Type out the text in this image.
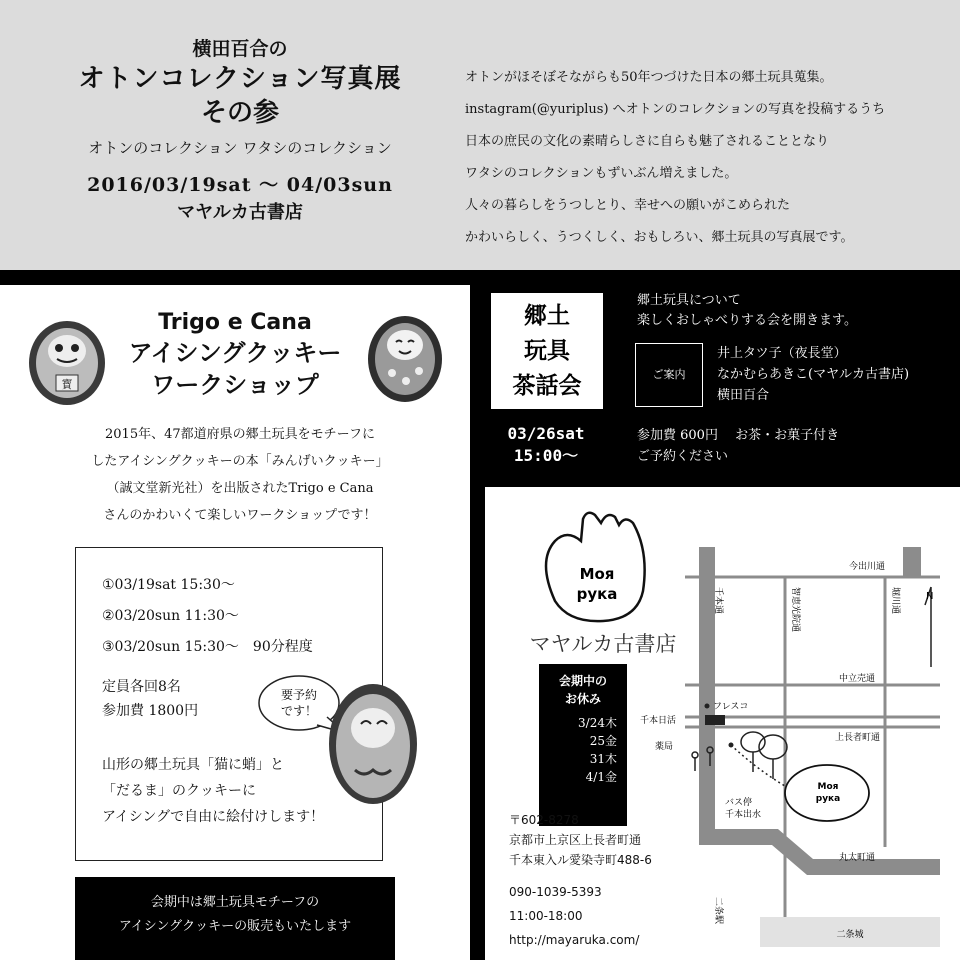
横田百合の
オトンコレクション写真展
その参
オトンのコレクション ワタシのコレクション
2016/03/19sat 〜 04/03sun
マヤルカ古書店
オトンがほそぼそながらも50年つづけた日本の郷土玩具蒐集。
instagram(@yuriplus) へオトンのコレクションの写真を投稿するうち
日本の庶民の文化の素晴らしさに自らも魅了されることとなり
ワタシのコレクションもずいぶん増えました。
人々の暮らしをうつしとり、幸せへの願いがこめられた
かわいらしく、うつくしく、おもしろい、郷土玩具の写真展です。
寳
Trigo e Cana
アイシングクッキー
ワークショップ
2015年、47都道府県の郷土玩具をモチーフに
したアイシングクッキーの本「みんげいクッキー」
（誠文堂新光社）を出版されたTrigo e Cana
さんのかわいくて楽しいワークショップです！
①03/19sat 15:30〜
②03/20sun 11:30〜
③03/20sun 15:30〜　90分程度
定員各回8名
参加費 1800円
山形の郷土玩具「猫に蛸」と
「だるま」のクッキーに
アイシングで自由に絵付けします！
要予約
です！
会期中は郷土玩具モチーフの
アイシングクッキーの販売もいたします
郷土
玩具
茶話会
03/26sat
15:00〜
郷土玩具について
楽しくおしゃべりする会を開きます。
ご案内
井上タツ子（夜長堂）
なかむらあきこ(マヤルカ古書店)
横田百合
参加費 600円　 お茶・お菓子付き
ご予約ください
Моя
рука
マヤルカ古書店
Моя
рука
今出川通
中立売通
上長者町通
丸太町通
千本通	智恵光院通	堀川通
二条駅
N
フレスコ
千本日活
薬局
バス停
千本出水
二条城
会期中の
お休み
3/24木
25金
31木
4/1金
〒602-8278
京都市上京区上長者町通
千本東入ル愛染寺町488-6
090-1039-5393
11:00-18:00
http://mayaruka.com/
